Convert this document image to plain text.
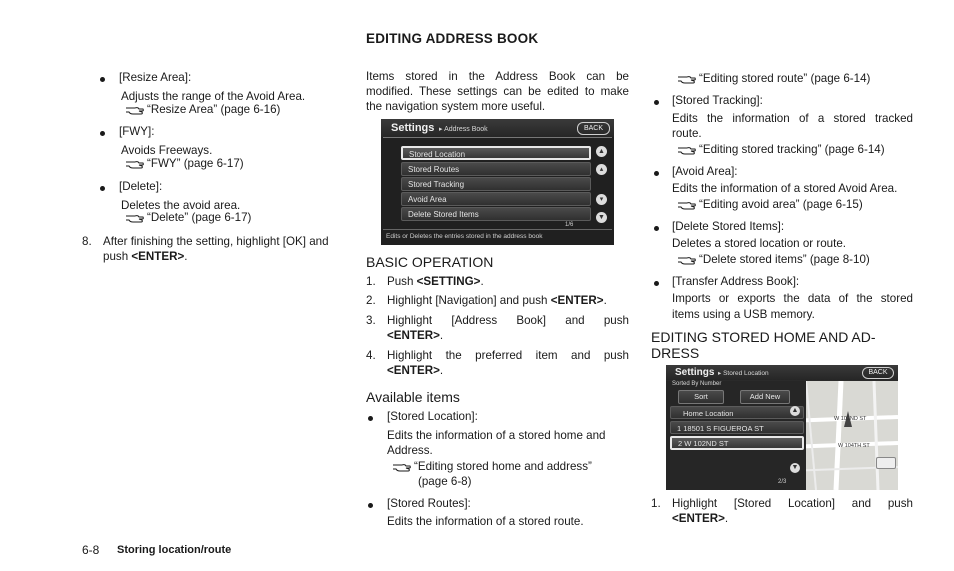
EDITING ADDRESS BOOK
[Resize Area]:
Adjusts the range of the Avoid Area.
“Resize Area” (page 6-16)
[FWY]:
Avoids Freeways.
“FWY” (page 6-17)
[Delete]:
Deletes the avoid area.
“Delete” (page 6-17)
8. After finishing the setting, highlight [OK] and
push <ENTER>.
Items stored in the Address Book can be
modified. These settings can be edited to make
the navigation system more useful.
Settings ▸ Address Book	BACK
Stored Location
Stored Routes
Stored Tracking
Avoid Area
Delete Stored Items
▲
▴
▾
▼
1/6
Edits or Deletes the entries stored in the address book
BASIC OPERATION
1. Push <SETTING>.
2. Highlight [Navigation] and push <ENTER>.
3. Highlight [Address Book] and push
<ENTER>.
4. Highlight the preferred item and push
<ENTER>.
Available items
[Stored Location]:
Edits the information of a stored home and
Address.
“Editing stored home and address”
(page 6-8)
[Stored Routes]:
Edits the information of a stored route.
“Editing stored route” (page 6-14)
[Stored Tracking]:
Edits the information of a stored tracked
route.
“Editing stored tracking” (page 6-14)
[Avoid Area]:
Edits the information of a stored Avoid Area.
“Editing avoid area” (page 6-15)
[Delete Stored Items]:
Deletes a stored location or route.
“Delete stored items” (page 8-10)
[Transfer Address Book]:
Imports or exports the data of the stored
items using a USB memory.
EDITING STORED HOME AND AD-
DRESS
W 102ND ST
W 104TH ST
Settings ▸ Stored Location	BACK
Sorted By Number
Sort	Add New
Home Location
1 18501 S FIGUEROA ST
2 W 102ND ST
2/3
▲
▼
1. Highlight [Stored Location] and push
<ENTER>.
6-8 Storing location/route
